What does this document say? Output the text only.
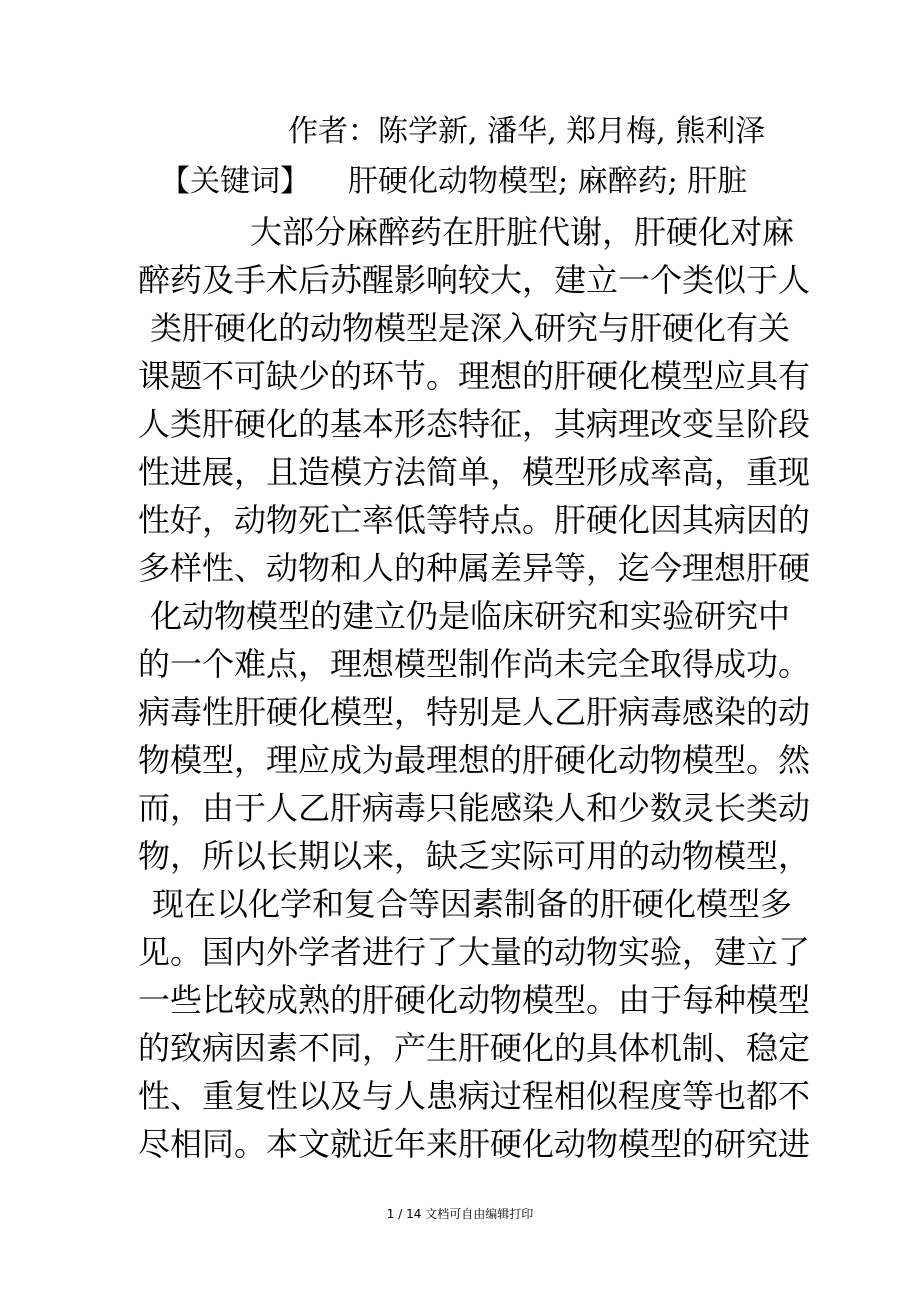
作者：陈学新, 潘华, 郑月梅, 熊利泽
【关键词】 肝硬化动物模型; 麻醉药; 肝脏
大部分麻醉药在肝脏代谢，肝硬化对麻
醉药及手术后苏醒影响较大，建立一个类似于人
类肝硬化的动物模型是深入研究与肝硬化有关
课题不可缺少的环节。理想的肝硬化模型应具有
人类肝硬化的基本形态特征，其病理改变呈阶段
性进展，且造模方法简单，模型形成率高，重现
性好，动物死亡率低等特点。肝硬化因其病因的
多样性、动物和人的种属差异等，迄今理想肝硬
化动物模型的建立仍是临床研究和实验研究中
的一个难点，理想模型制作尚未完全取得成功。
病毒性肝硬化模型，特别是人乙肝病毒感染的动
物模型，理应成为最理想的肝硬化动物模型。然
而，由于人乙肝病毒只能感染人和少数灵长类动
物，所以长期以来，缺乏实际可用的动物模型，
现在以化学和复合等因素制备的肝硬化模型多
见。国内外学者进行了大量的动物实验，建立了
一些比较成熟的肝硬化动物模型。由于每种模型
的致病因素不同，产生肝硬化的具体机制、稳定
性、重复性以及与人患病过程相似程度等也都不
尽相同。本文就近年来肝硬化动物模型的研究进
1 / 14 文档可自由编辑打印
